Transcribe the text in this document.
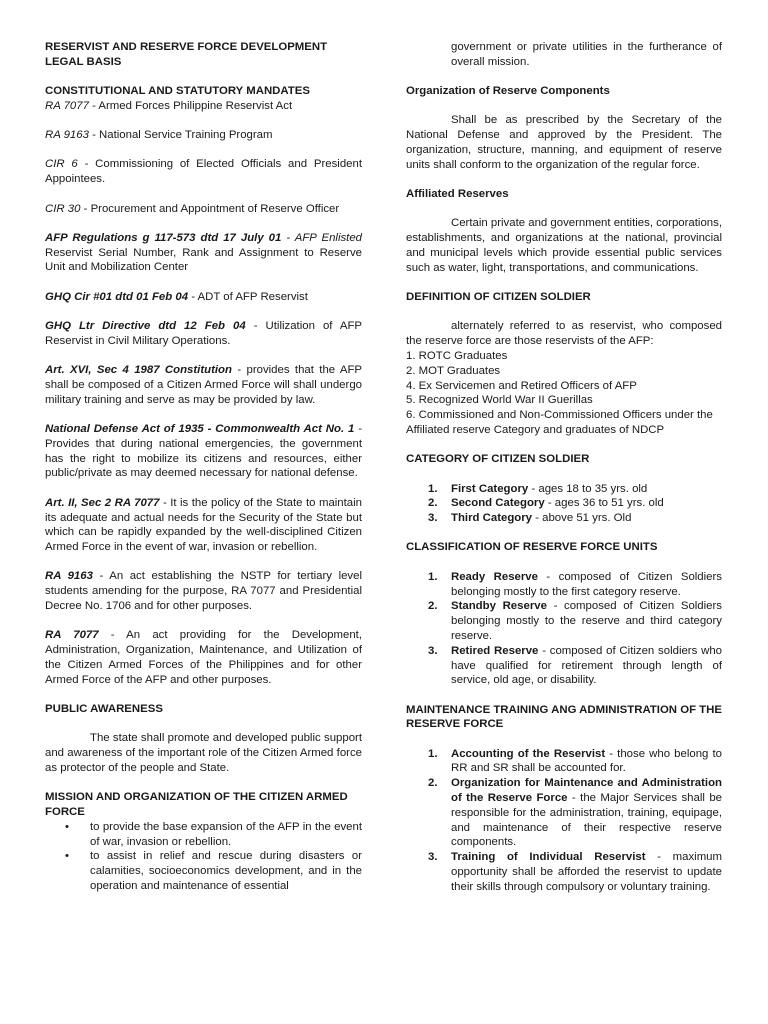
RESERVIST AND RESERVE FORCE DEVELOPMENT
LEGAL BASIS
CONSTITUTIONAL AND STATUTORY MANDATES

RA 7077 - Armed Forces Philippine Reservist Act

RA 9163 - National Service Training Program

CIR 6 - Commissioning of Elected Officials and President Appointees.

CIR 30 - Procurement and Appointment of Reserve Officer

AFP Regulations g 117-573 dtd 17 July 01 - AFP Enlisted Reservist Serial Number, Rank and Assignment to Reserve Unit and Mobilization Center

GHQ Cir #01 dtd 01 Feb 04 - ADT of AFP Reservist

GHQ Ltr Directive dtd 12 Feb 04 - Utilization of AFP Reservist in Civil Military Operations.

Art. XVI, Sec 4 1987 Constitution - provides that the AFP shall be composed of a Citizen Armed Force will shall undergo military training and serve as may be provided by law.

National Defense Act of 1935 - Commonwealth Act No. 1 - Provides that during national emergencies, the government has the right to mobilize its citizens and resources, either public/private as may deemed necessary for national defense.

Art. II, Sec 2 RA 7077 - It is the policy of the State to maintain its adequate and actual needs for the Security of the State but which can be rapidly expanded by the well-disciplined Citizen Armed Force in the event of war, invasion or rebellion.

RA 9163 - An act establishing the NSTP for tertiary level students amending for the purpose, RA 7077 and Presidential Decree No. 1706 and for other purposes.

RA 7077 - An act providing for the Development, Administration, Organization, Maintenance, and Utilization of the Citizen Armed Forces of the Philippines and for other Armed Force of the AFP and other purposes.

PUBLIC AWARENESS

The state shall promote and developed public support and awareness of the important role of the Citizen Armed force as protector of the people and State.

MISSION AND ORGANIZATION OF THE CITIZEN ARMED FORCE
• to provide the base expansion of the AFP in the event of war, invasion or rebellion.
• to assist in relief and rescue during disasters or calamities, socioeconomics development, and in the operation and maintenance of essential

government or private utilities in the furtherance of overall mission.

Organization of Reserve Components

Shall be as prescribed by the Secretary of the National Defense and approved by the President. The organization, structure, manning, and equipment of reserve units shall conform to the organization of the regular force.

Affiliated Reserves

Certain private and government entities, corporations, establishments, and organizations at the national, provincial and municipal levels which provide essential public services such as water, light, transportations, and communications.

DEFINITION OF CITIZEN SOLDIER

alternately referred to as reservist, who composed the reserve force are those reservists of the AFP:

1. ROTC Graduates
2. MOT Graduates
4. Ex Servicemen and Retired Officers of AFP
5. Recognized World War II Guerillas
6. Commissioned and Non-Commissioned Officers under the Affiliated reserve Category and graduates of NDCP
CATEGORY OF CITIZEN SOLDIER
1. First Category - ages 18 to 35 yrs. old
2. Second Category - ages 36 to 51 yrs. old
3. Third Category - above 51 yrs. Old
CLASSIFICATION OF RESERVE FORCE UNITS
1. Ready Reserve - composed of Citizen Soldiers belonging mostly to the first category reserve.
2. Standby Reserve - composed of Citizen Soldiers belonging mostly to the reserve and third category reserve.
3. Retired Reserve - composed of Citizen soldiers who have qualified for retirement through length of service, old age, or disability.
MAINTENANCE TRAINING ANG ADMINISTRATION OF THE RESERVE FORCE
1. Accounting of the Reservist - those who belong to RR and SR shall be accounted for.
2. Organization for Maintenance and Administration of the Reserve Force - the Major Services shall be responsible for the administration, training, equipage, and maintenance of their respective reserve components.
3. Training of Individual Reservist - maximum opportunity shall be afforded the reservist to update their skills through compulsory or voluntary training.
